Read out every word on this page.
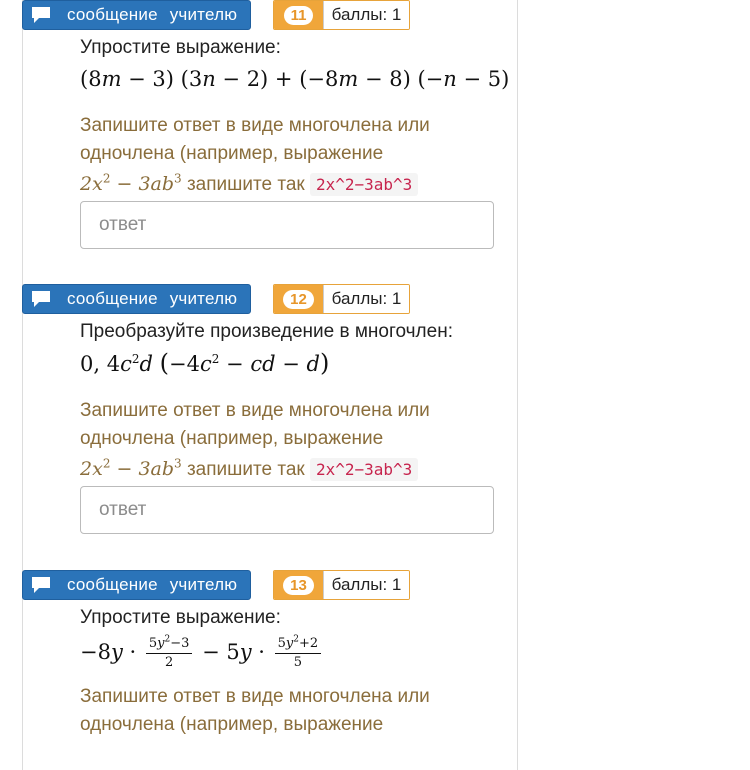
сообщение учителю	11	баллы: 1
Упростите выражение:
(8m − 3) (3n − 2) + (−8m − 8) (−n − 5)
Запишите ответ в виде многочлена или
одночлена (например, выражение
$2x^2 - 3ab^3$ запишите так 2x^2−3ab^3
ответ
сообщение учителю	12	баллы: 1
Преобразуйте произведение в многочлен:
0, $4c^2d$ ($-4c^2$ − cd − d)
Запишите ответ в виде многочлена или
одночлена (например, выражение
$2x^2 - 3ab^3$ запишите так 2x^2−3ab^3
ответ
сообщение учителю	13	баллы: 1
Упростите выражение:
$-8y \cdot \frac{5y^2-3}{2} - 5y \cdot \frac{5y^2+2}{5}$
Запишите ответ в виде многочлена или
одночлена (например, выражение
